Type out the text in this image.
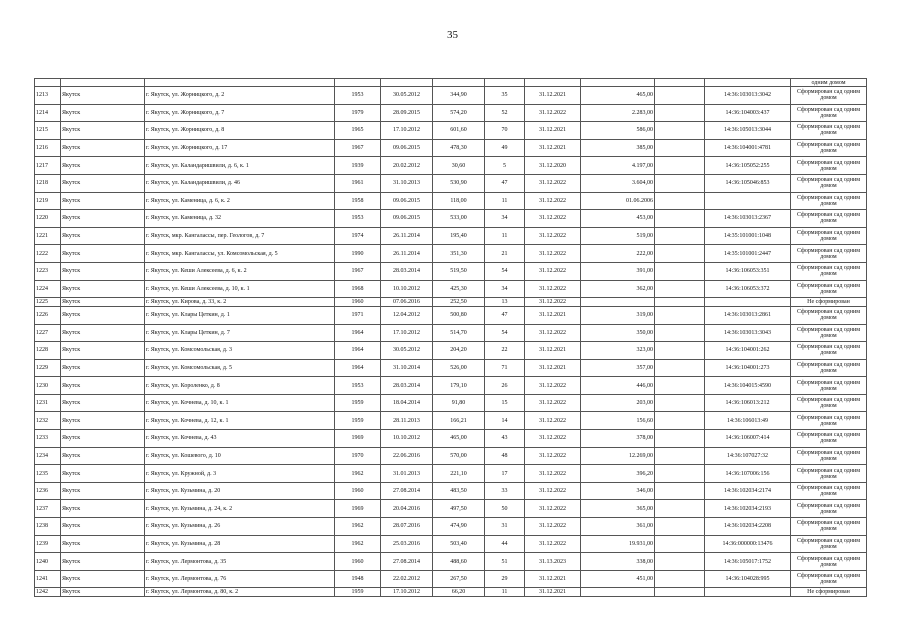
35
											одним домом
1213	Якутск	г. Якутск, ул. Жорницкого, д. 2	1953	30.05.2012	344,90	35	31.12.2021	465,00		14:36:103013:3042	Сформирован сад одним домом
1214	Якутск	г. Якутск, ул. Жорницкого, д. 7	1979	28.09.2015	574,20	52	31.12.2022	2.283,00		14:36:104003:437	Сформирован сад одним домом
1215	Якутск	г. Якутск, ул. Жорницкого, д. 8	1965	17.10.2012	601,60	70	31.12.2021	586,00		14:36:105013:3044	Сформирован сад одним домом
1216	Якутск	г. Якутск, ул. Жорницкого, д. 17	1967	09.06.2015	478,30	49	31.12.2021	385,00		14:36:104001:4781	Сформирован сад одним домом
1217	Якутск	г. Якутск, ул. Каландаришвили, д. 6, к. 1	1939	20.02.2012	30,60	5	31.12.2020	4.197,00		14:36:105052:255	Сформирован сад одним домом
1218	Якутск	г. Якутск, ул. Каландаришвили, д. 46	1961	31.10.2013	530,90	47	31.12.2022	3.604,00		14:36:105046:853	Сформирован сад одним домом
1219	Якутск	г. Якутск, ул. Каменица, д. 6, к. 2	1958	09.06.2015	118,00	11	31.12.2022	01.06.2006			Сформирован сад одним домом
1220	Якутск	г. Якутск, ул. Каменица, д. 32	1953	09.06.2015	533,00	34	31.12.2022	453,00		14:36:103013:2367	Сформирован сад одним домом
1221	Якутск	г. Якутск, мкр. Кангалассы, пер. Геологов, д. 7	1974	26.11.2014	195,40	11	31.12.2022	519,00		14:35:101001:1048	Сформирован сад одним домом
1222	Якутск	г. Якутск, мкр. Кангалассы, ул. Комсомольская, д. 5	1990	26.11.2014	351,30	21	31.12.2022	222,00		14:35:101001:2447	Сформирован сад одним домом
1223	Якутск	г. Якутск, ул. Кеши Алексеева, д. 6, к. 2	1967	28.03.2014	519,50	54	31.12.2022	391,00		14:36:106053:351	Сформирован сад одним домом
1224	Якутск	г. Якутск, ул. Кеши Алексеева, д. 10, к. 1	1968	10.10.2012	425,30	34	31.12.2022	362,00		14:36:106053:372	Сформирован сад одним домом
1225	Якутск	г. Якутск, ул. Кирова, д. 33, к. 2	1960	07.06.2016	252,50	13	31.12.2022				Не сформирован
1226	Якутск	г. Якутск, ул. Клары Цеткин, д. 1	1971	12.04.2012	500,80	47	31.12.2021	319,00		14:36:103013:2861	Сформирован сад одним домом
1227	Якутск	г. Якутск, ул. Клары Цеткин, д. 7	1964	17.10.2012	514,70	54	31.12.2022	350,00		14:36:103013:3043	Сформирован сад одним домом
1228	Якутск	г. Якутск, ул. Комсомольская, д. 3	1964	30.05.2012	204,20	22	31.12.2021	323,00		14:36:104001:262	Сформирован сад одним домом
1229	Якутск	г. Якутск, ул. Комсомольская, д. 5	1964	31.10.2014	526,00	71	31.12.2021	357,00		14:36:104001:273	Сформирован сад одним домом
1230	Якутск	г. Якутск, ул. Короленко, д. 8	1953	28.03.2014	179,10	26	31.12.2022	446,00		14:36:104015:4590	Сформирован сад одним домом
1231	Якутск	г. Якутск, ул. Кочнева, д. 10, к. 1	1959	18.04.2014	91,80	15	31.12.2022	203,00		14:36:106013:212	Сформирован сад одним домом
1232	Якутск	г. Якутск, ул. Кочнева, д. 12, к. 1	1959	28.11.2013	166,21	14	31.12.2022	156,60		14:36:106013:49	Сформирован сад одним домом
1233	Якутск	г. Якутск, ул. Кочнева, д. 43	1969	10.10.2012	465,00	43	31.12.2022	378,00		14:36:106007:414	Сформирован сад одним домом
1234	Якутск	г. Якутск, ул. Кошевого, д. 10	1970	22.06.2016	570,00	48	31.12.2022	12.269,00		14:36:107027:32	Сформирован сад одним домом
1235	Якутск	г. Якутск, ул. Кружной, д. 3	1962	31.01.2013	221,10	17	31.12.2022	396,20		14:36:107006:156	Сформирован сад одним домом
1236	Якутск	г. Якутск, ул. Кузьмина, д. 20	1960	27.08.2014	483,50	33	31.12.2022	346,00		14:36:102034:2174	Сформирован сад одним домом
1237	Якутск	г. Якутск, ул. Кузьмина, д. 24, к. 2	1969	20.04.2016	497,50	50	31.12.2022	365,00		14:36:102034:2193	Сформирован сад одним домом
1238	Якутск	г. Якутск, ул. Кузьмина, д. 26	1962	28.07.2016	474,90	31	31.12.2022	361,00		14:36:102034:2208	Сформирован сад одним домом
1239	Якутск	г. Якутск, ул. Кузьмина, д. 28	1962	25.03.2016	503,40	44	31.12.2022	19.931,00		14:36:000000:13476	Сформирован сад одним домом
1240	Якутск	г. Якутск, ул. Лермонтова, д. 35	1960	27.08.2014	488,60	51	31.13.2023	338,00		14:36:105017:1752	Сформирован сад одним домом
1241	Якутск	г. Якутск, ул. Лермонтова, д. 76	1948	22.02.2012	267,50	29	31.12.2021	451,00		14:36:104028:995	Сформирован сад одним домом
1242	Якутск	г. Якутск, ул. Лермонтова, д. 80, к. 2	1959	17.10.2012	66,20	11	31.12.2021				Не сформирован
